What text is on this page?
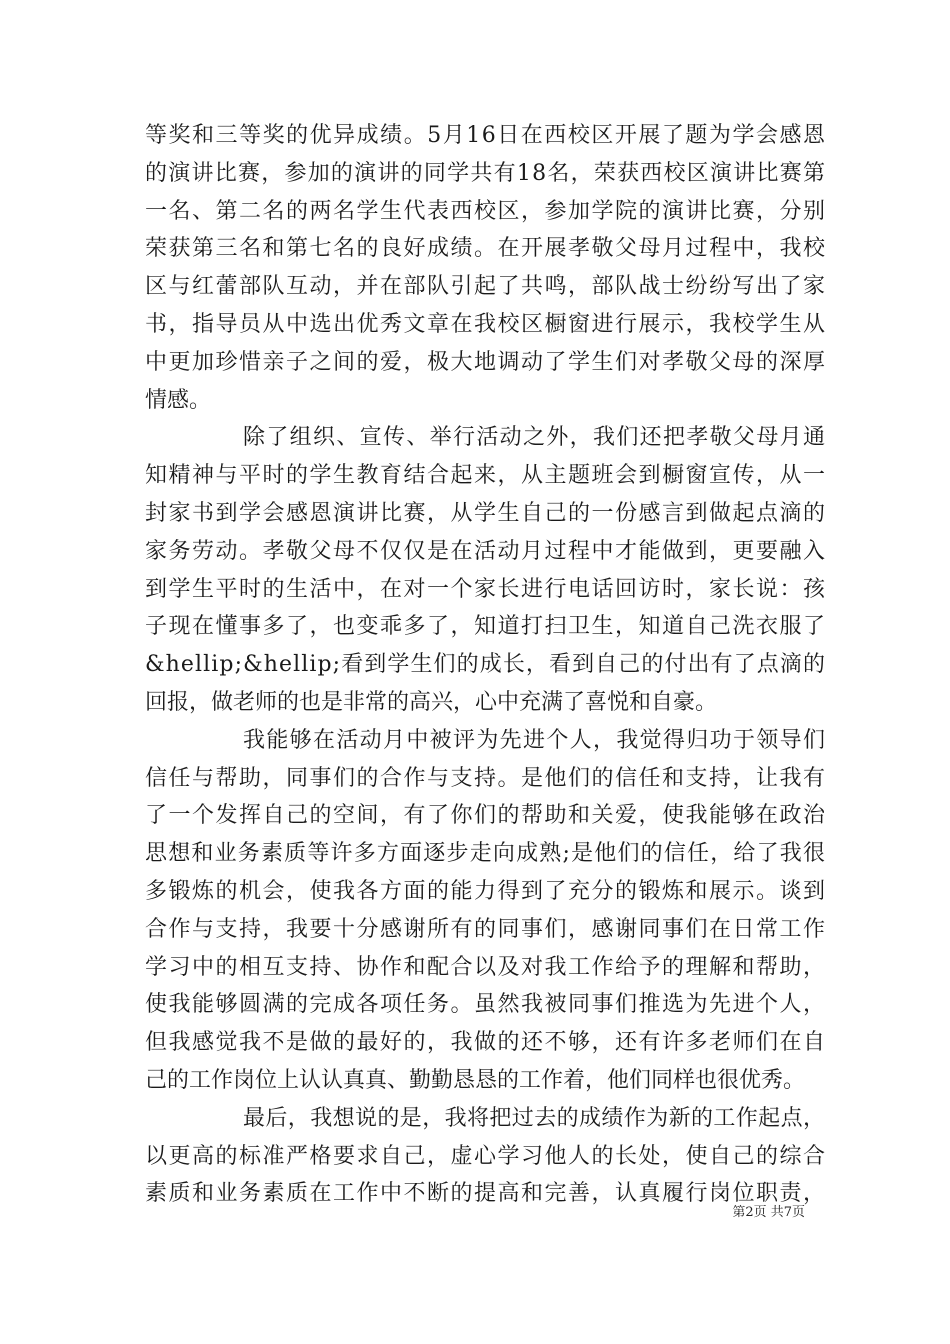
等奖和三等奖的优异成绩。5月16日在西校区开展了题为学会感恩
的演讲比赛，参加的演讲的同学共有18名，荣获西校区演讲比赛第
一名、第二名的两名学生代表西校区，参加学院的演讲比赛，分别
荣获第三名和第七名的良好成绩。在开展孝敬父母月过程中，我校
区与红蕾部队互动，并在部队引起了共鸣，部队战士纷纷写出了家
书，指导员从中选出优秀文章在我校区橱窗进行展示，我校学生从
中更加珍惜亲子之间的爱，极大地调动了学生们对孝敬父母的深厚
情感。
除了组织、宣传、举行活动之外，我们还把孝敬父母月通
知精神与平时的学生教育结合起来，从主题班会到橱窗宣传，从一
封家书到学会感恩演讲比赛，从学生自己的一份感言到做起点滴的
家务劳动。孝敬父母不仅仅是在活动月过程中才能做到，更要融入
到学生平时的生活中，在对一个家长进行电话回访时，家长说：孩
子现在懂事多了，也变乖多了，知道打扫卫生，知道自己洗衣服了
&hellip;&hellip;看到学生们的成长，看到自己的付出有了点滴的
回报，做老师的也是非常的高兴，心中充满了喜悦和自豪。
我能够在活动月中被评为先进个人，我觉得归功于领导们
信任与帮助，同事们的合作与支持。是他们的信任和支持，让我有
了一个发挥自己的空间，有了你们的帮助和关爱，使我能够在政治
思想和业务素质等许多方面逐步走向成熟;是他们的信任，给了我很
多锻炼的机会，使我各方面的能力得到了充分的锻炼和展示。谈到
合作与支持，我要十分感谢所有的同事们，感谢同事们在日常工作
学习中的相互支持、协作和配合以及对我工作给予的理解和帮助，
使我能够圆满的完成各项任务。虽然我被同事们推选为先进个人，
但我感觉我不是做的最好的，我做的还不够，还有许多老师们在自
己的工作岗位上认认真真、勤勤恳恳的工作着，他们同样也很优秀。
最后，我想说的是，我将把过去的成绩作为新的工作起点，
以更高的标准严格要求自己，虚心学习他人的长处，使自己的综合
素质和业务素质在工作中不断的提高和完善，认真履行岗位职责，
第2页 共7页
